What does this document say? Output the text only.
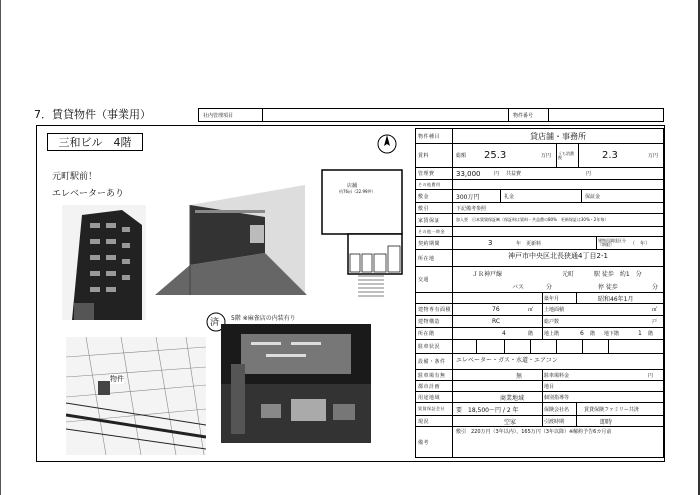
7．賃貸物件（事業用）	社内管理項目	物件番号
三和ビル　4階
元町駅前！
エレベーターあり
店舗
約76㎡（22.99坪）
済 5階 ※麻雀店の内装有り
物件
物件種目	貸店舗・事務所
賃料	総額 25.3	万円 うち消費税	2.3	万円
管理費	33,000	円 共益費	円
その他費用
敷金	300万円	礼金	保証金
敷引	下記備考参照
家賃保証	加入要　日本賃貸保証㈱（保証料は賃料・共益費の80%　更新保証は30%・2年毎）
その他一時金
契約期間	3	年 更新料	建物再調達区分（期限）	（　年）
所在地	神戸市中央区北長狭通4丁目2-1
交通
ＪＲ神戸線	元町	駅 徒歩　約1　分
バス	分	停 徒歩	分
築年月	昭和46年1月
建物専有面積	76	㎡ 土地面積	㎡
建物構造	RC	総戸数	戸
所在階	4	階 地上階	6 階 地下階	1 階
駐車状況
設備・条件	エレベーター・ガス・水道・エアコン
駐車場有無	無	駐車場料金	円
都市計画	地目
用途地域	商業地域	個別指導等
賃貸保証会社	要　18,500～円 / 2 年	保険会社名	賃貸保険ファミリー共済
現況	空家	引渡時期	即時
備考
敷引　220万円（3年以内）、165万円（3年以降）※解約予告6カ月前
